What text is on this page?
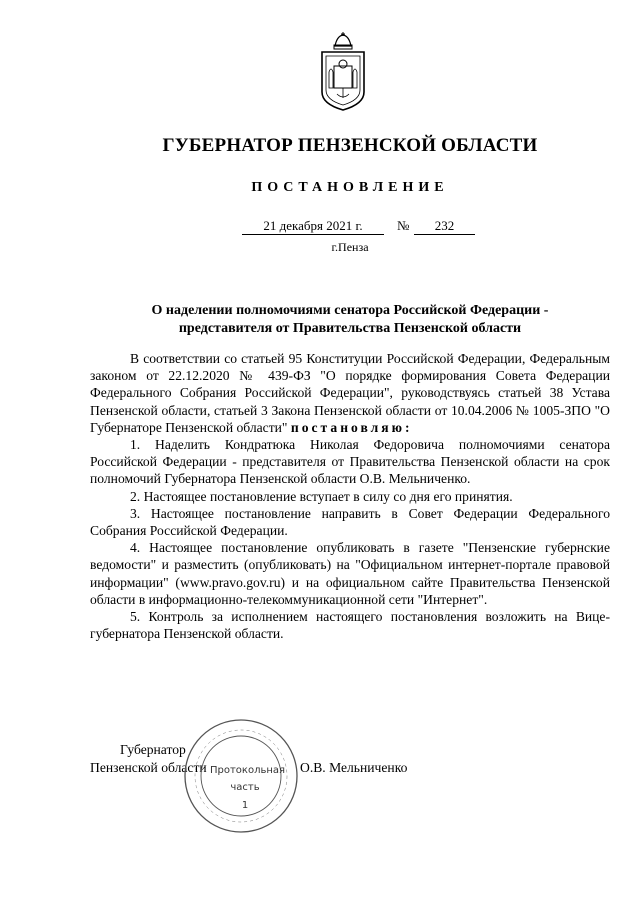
ГУБЕРНАТОР ПЕНЗЕНСКОЙ ОБЛАСТИ
ПОСТАНОВЛЕНИЕ
21 декабря 2021 г.	№	232
г.Пенза
О наделении полномочиями сенатора Российской Федерации -
представителя от Правительства Пензенской области

В соответствии со статьей 95 Конституции Российской Федерации, Федеральным законом от 22.12.2020 № 439-ФЗ "О порядке формирования Совета Федерации Федерального Собрания Российской Федерации", руководствуясь статьей 38 Устава Пензенской области, статьей 3 Закона Пензенской области от 10.04.2006 № 1005-ЗПО "О Губернаторе Пензенской области" постановляю:

1. Наделить Кондратюка Николая Федоровича полномочиями сенатора Российской Федерации - представителя от Правительства Пензенской области на срок полномочий Губернатора Пензенской области О.В. Мельниченко.

2. Настоящее постановление вступает в силу со дня его принятия.

3. Настоящее постановление направить в Совет Федерации Федерального Собрания Российской Федерации.

4. Настоящее постановление опубликовать в газете "Пензенские губернские ведомости" и разместить (опубликовать) на "Официальном интернет-портале правовой информации" (www.pravo.gov.ru) и на официальном сайте Правительства Пензенской области в информационно-телекоммуникационной сети "Интернет".

5. Контроль за исполнением настоящего постановления возложить на Вице-губернатора Пензенской области.

Губернатор
Пензенской области	О.В. Мельниченко
Протокольная
часть
1
